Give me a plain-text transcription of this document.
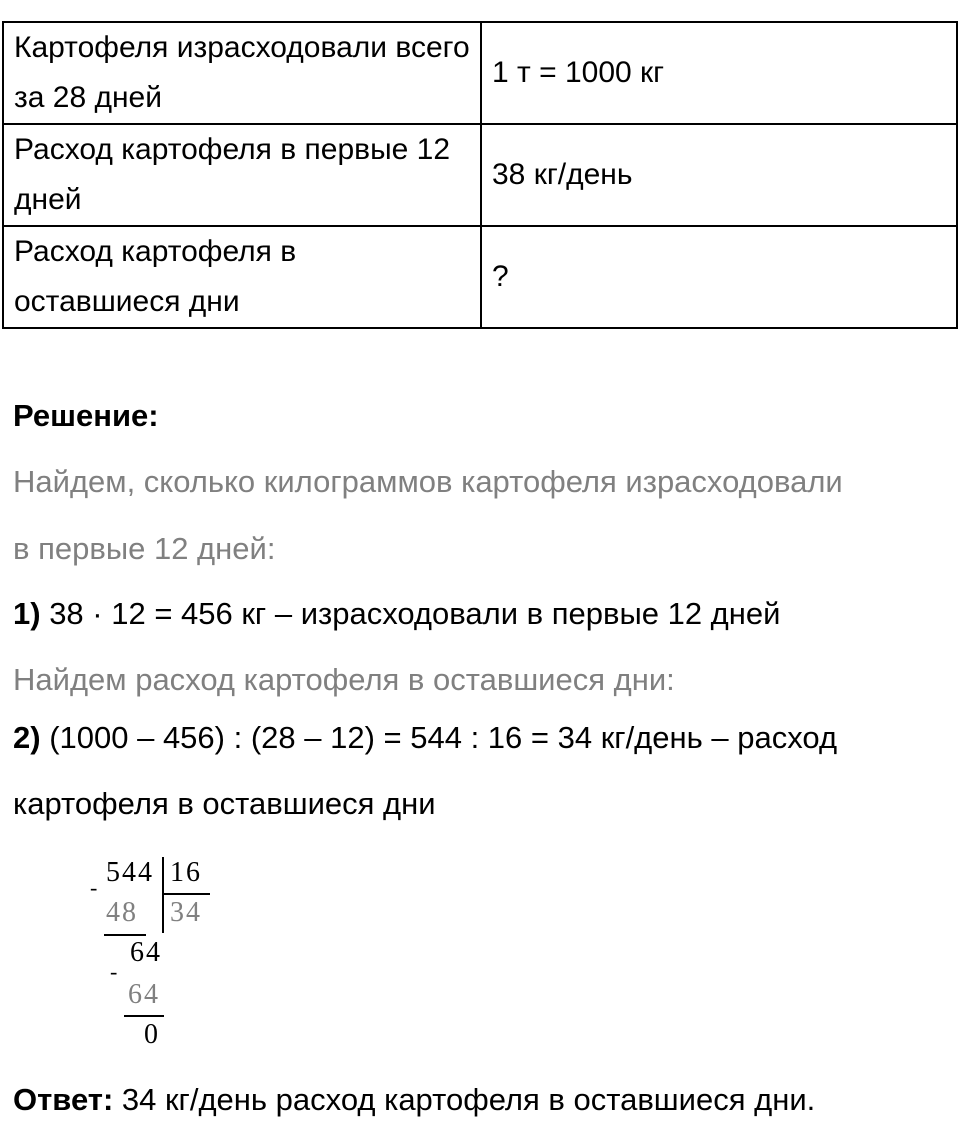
Картофеля израсходовали всего за 28 дней	1 т = 1000 кг
Расход картофеля в первые 12 дней	38 кг/день
Расход картофеля в оставшиеся дни	?
Решение:
Найдем, сколько килограммов картофеля израсходовали
в первые 12 дней:
1) 38 · 12 = 456 кг – израсходовали в первые 12 дней
Найдем расход картофеля в оставшиеся дни:
2) (1000 – 456) : (28 – 12) = 544 : 16 = 34 кг/день – расход
картофеля в оставшиеся дни
- 544 16
48 34
64
-
64
0
Ответ: 34 кг/день расход картофеля в оставшиеся дни.
